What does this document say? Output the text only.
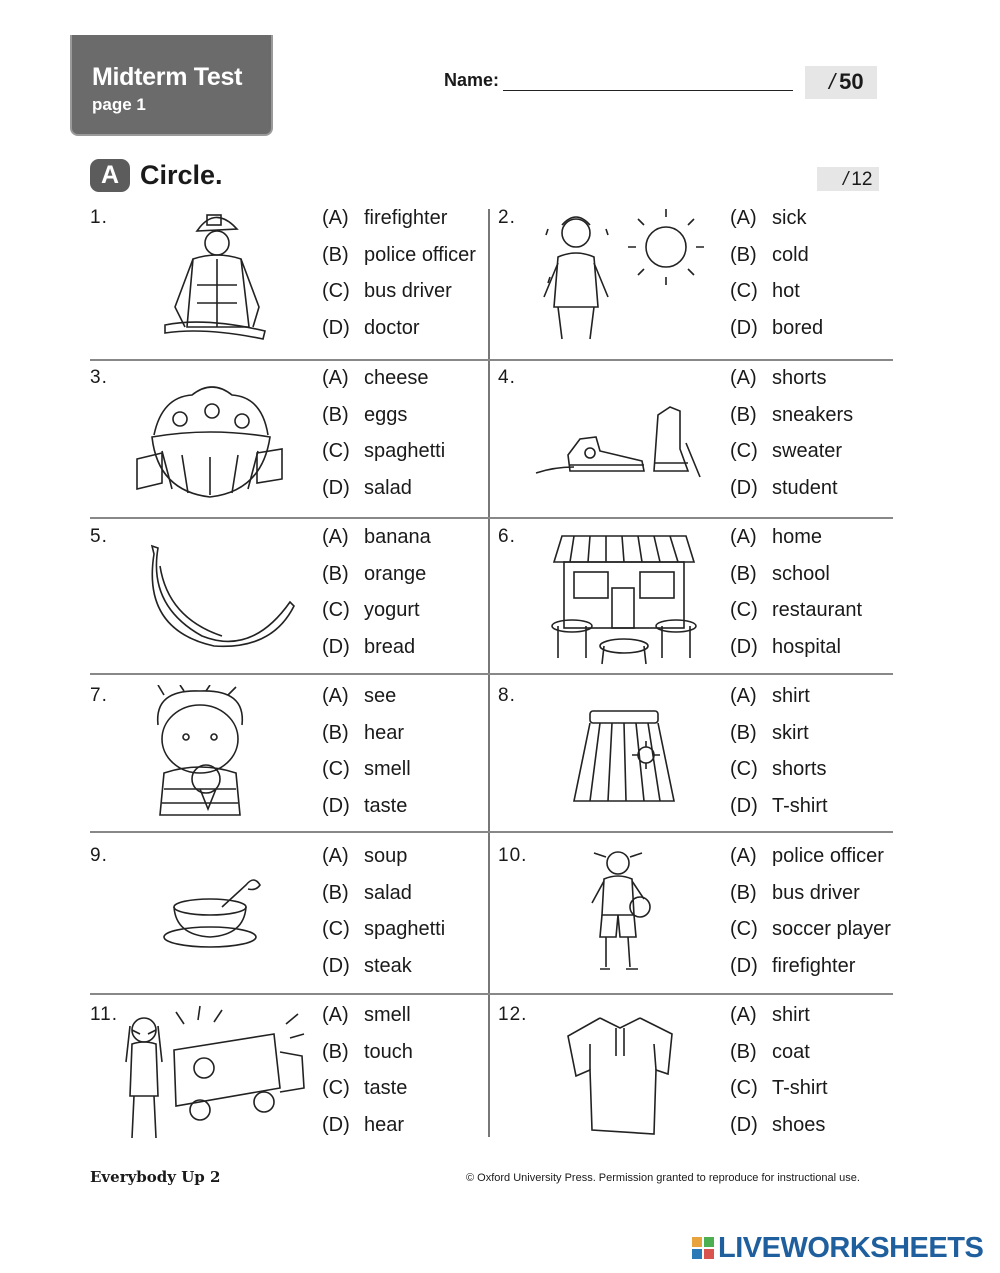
Midterm Test
page 1
Name:	/ 50
A Circle.	/ 12
1.	(A) firefighter
(B) police officer
(C) bus driver
(D) doctor
2.	(A) sick
(B) cold
(C) hot
(D) bored
3.	(A) cheese
(B) eggs
(C) spaghetti
(D) salad
4.	(A) shorts
(B) sneakers
(C) sweater
(D) student
5.	(A) banana
(B) orange
(C) yogurt
(D) bread
6.	(A) home
(B) school
(C) restaurant
(D) hospital
7.	(A) see
(B) hear
(C) smell
(D) taste
8.	(A) shirt
(B) skirt
(C) shorts
(D) T-shirt
9.	(A) soup
(B) salad
(C) spaghetti
(D) steak
10.	(A) police officer
(B) bus driver
(C) soccer player
(D) firefighter
11.	(A) smell
(B) touch
(C) taste
(D) hear
12.	(A) shirt
(B) coat
(C) T-shirt
(D) shoes
Everybody Up 2	© Oxford University Press. Permission granted to reproduce for instructional use.
LIVEWORKSHEETS
